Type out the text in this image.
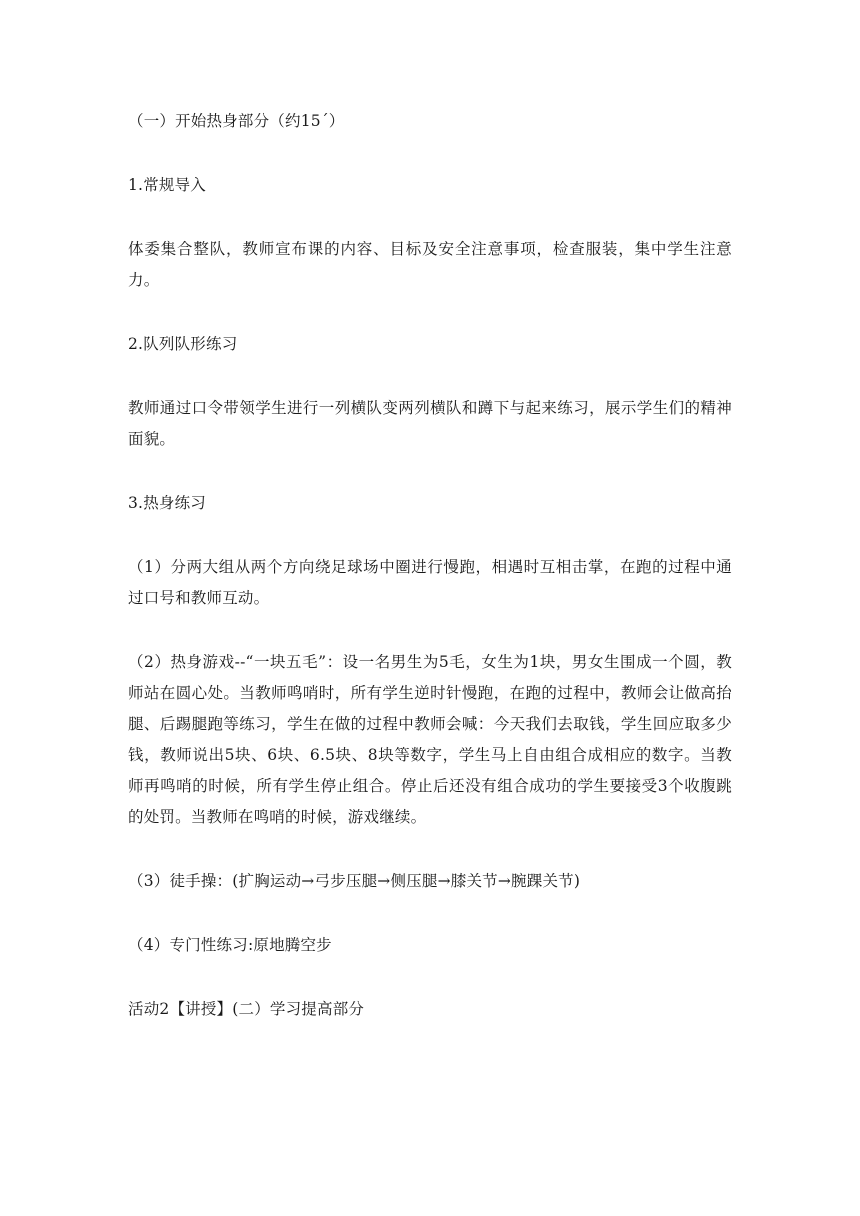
（一）开始热身部分（约15´）

1.常规导入

体委集合整队，教师宣布课的内容、目标及安全注意事项，检查服装，集中学生注意力。

2.队列队形练习

教师通过口令带领学生进行一列横队变两列横队和蹲下与起来练习，展示学生们的精神面貌。

3.热身练习

（1）分两大组从两个方向绕足球场中圈进行慢跑，相遇时互相击掌，在跑的过程中通过口号和教师互动。

（2）热身游戏--“一块五毛”：设一名男生为5毛，女生为1块，男女生围成一个圆，教师站在圆心处。当教师鸣哨时，所有学生逆时针慢跑，在跑的过程中，教师会让做高抬腿、后踢腿跑等练习，学生在做的过程中教师会喊：今天我们去取钱，学生回应取多少钱，教师说出5块、6块、6.5块、8块等数字，学生马上自由组合成相应的数字。当教师再鸣哨的时候，所有学生停止组合。停止后还没有组合成功的学生要接受3个收腹跳的处罚。当教师在鸣哨的时候，游戏继续。

（3）徒手操：(扩胸运动→弓步压腿→侧压腿→膝关节→腕踝关节)

（4）专门性练习:原地腾空步

活动2【讲授】(二）学习提高部分
